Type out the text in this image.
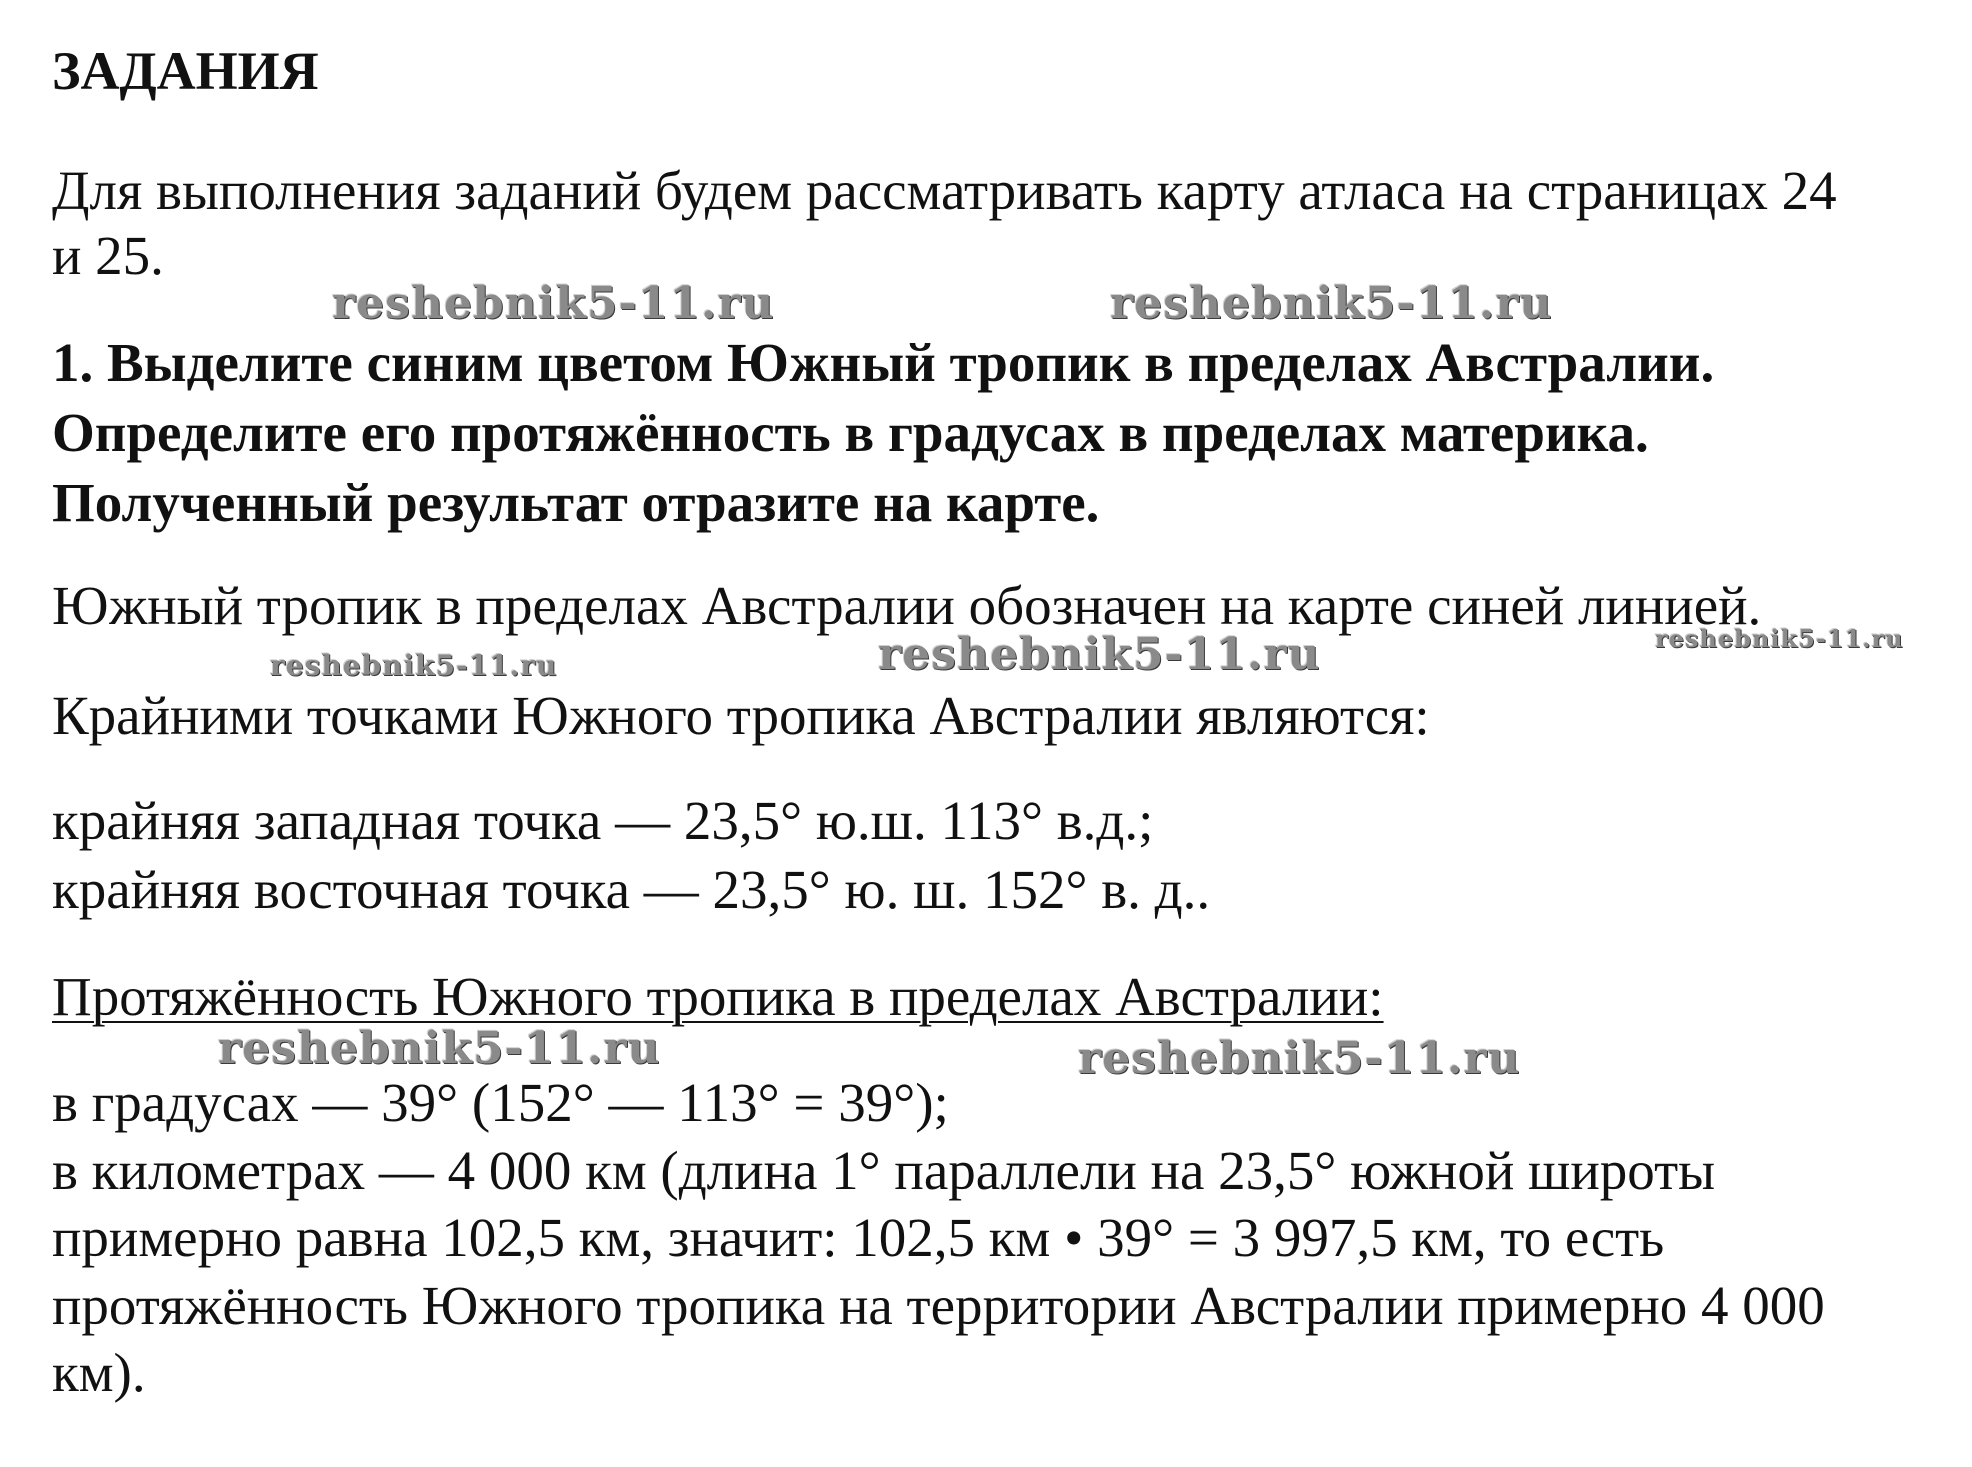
ЗАДАНИЯ
Для выполнения заданий будем рассматривать карту атласа на страницах 24
и 25.
1. Выделите синим цветом Южный тропик в пределах Австралии.
Определите его протяжённость в градусах в пределах материка.
Полученный результат отразите на карте.
Южный тропик в пределах Австралии обозначен на карте синей линией.
Крайними точками Южного тропика Австралии являются:
крайняя западная точка — 23,5° ю.ш. 113° в.д.;
крайняя восточная точка — 23,5° ю. ш. 152° в. д..
Протяжённость Южного тропика в пределах Австралии:
в градусах — 39° (152° — 113° = 39°);
в километрах — 4 000 км (длина 1° параллели на 23,5° южной широты
примерно равна 102,5 км, значит: 102,5 км • 39° = 3 997,5 км, то есть
протяжённость Южного тропика на территории Австралии примерно 4 000
км).
reshebnik5-11.ru	reshebnik5-11.ru
reshebnik5-11.ru	reshebnik5-11.ru	reshebnik5-11.ru
reshebnik5-11.ru	reshebnik5-11.ru
